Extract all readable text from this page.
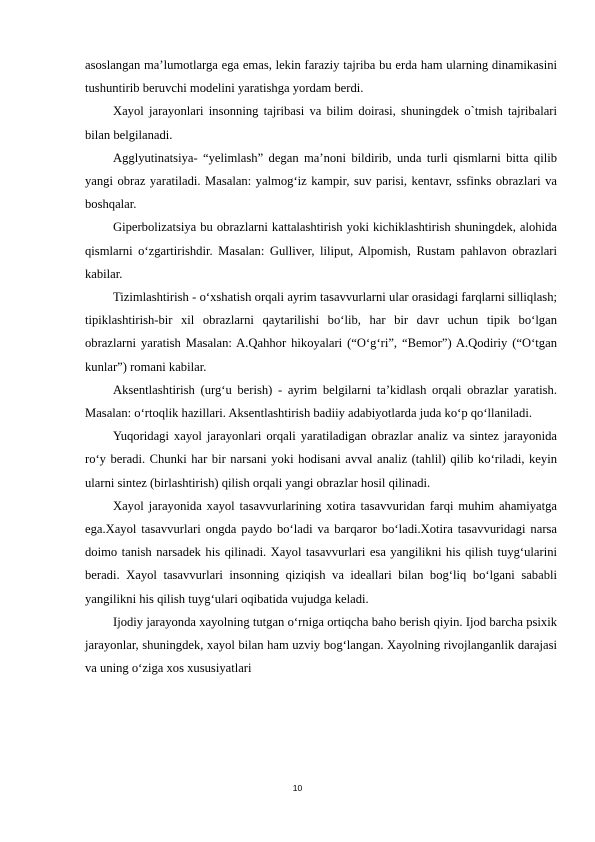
asoslangan ma’lumotlarga ega emas, lekin faraziy tajriba bu erda ham ularning dinamikasini tushuntirib beruvchi modelini yaratishga yordam berdi.

Xayol jarayonlari insonning tajribasi va bilim doirasi, shuningdek o`tmish tajribalari bilan belgilanadi.

Agglyutinatsiya- “yelimlash” degan ma’noni bildirib, unda turli qismlarni bitta qilib yangi obraz yaratiladi. Masalan: yalmog‘iz kampir, suv parisi, kentavr, ssfinks obrazlari va boshqalar.

Giperbolizatsiya bu obrazlarni kattalashtirish yoki kichiklashtirish shuningdek, alohida qismlarni o‘zgartirishdir. Masalan: Gulliver, liliput, Alpomish, Rustam pahlavon obrazlari kabilar.

Tizimlashtirish - o‘xshatish orqali ayrim tasavvurlarni ular orasidagi farqlarni silliqlash; tipiklashtirish-bir xil obrazlarni qaytarilishi bo‘lib, har bir davr uchun tipik bo‘lgan obrazlarni yaratish Masalan: A.Qahhor hikoyalari (“O‘g‘ri”, “Bemor”) A.Qodiriy (“O‘tgan kunlar”) romani kabilar.

Aksentlashtirish (urg‘u berish) - ayrim belgilarni ta’kidlash orqali obrazlar yaratish. Masalan: o‘rtoqlik hazillari. Aksentlashtirish badiiy adabiyotlarda juda ko‘p qo‘llaniladi.

Yuqoridagi xayol jarayonlari orqali yaratiladigan obrazlar analiz va sintez jarayonida ro‘y beradi. Chunki har bir narsani yoki hodisani avval analiz (tahlil) qilib ko‘riladi, keyin ularni sintez (birlashtirish) qilish orqali yangi obrazlar hosil qilinadi.

Xayol jarayonida xayol tasavvurlarining xotira tasavvuridan farqi muhim ahamiyatga ega.Xayol tasavvurlari ongda paydo bo‘ladi va barqaror bo‘ladi.Xotira tasavvuridagi narsa doimo tanish narsadek his qilinadi. Xayol tasavvurlari esa yangilikni his qilish tuyg‘ularini beradi. Xayol tasavvurlari insonning qiziqish va ideallari bilan bog‘liq bo‘lgani sababli yangilikni his qilish tuyg‘ulari oqibatida vujudga keladi.

Ijodiy jarayonda xayolning tutgan o‘rniga ortiqcha baho berish qiyin. Ijod barcha psixik jarayonlar, shuningdek, xayol bilan ham uzviy bog‘langan. Xayolning rivojlanganlik darajasi va uning o‘ziga xos xususiyatlari

10
